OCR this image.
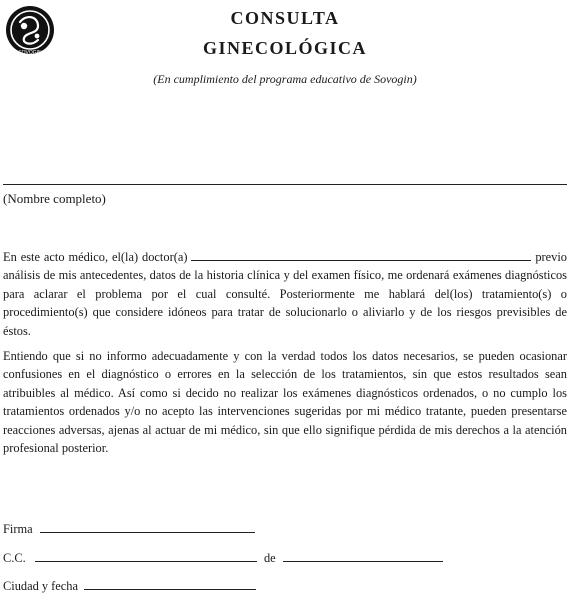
SOVOGIN
CONSULTA
GINECOLÓGICA
(En cumplimiento del programa educativo de Sovogin)
(Nombre completo)

En este acto médico, el(la) doctor(a)	previo análisis de mis antecedentes, datos de la historia clínica y del examen físico, me ordenará exámenes diagnósticos para aclarar el problema por el cual consulté. Posteriormente me hablará del(los) tratamiento(s) o procedimiento(s) que considere idóneos para tratar de solucionarlo o aliviarlo y de los riesgos previsibles de éstos.

Entiendo que si no informo adecuadamente y con la verdad todos los datos necesarios, se pueden ocasionar confusiones en el diagnóstico o errores en la selección de los tratamientos, sin que estos resultados sean atribuibles al médico. Así como si decido no realizar los exámenes diagnósticos ordenados, o no cumplo los tratamientos ordenados y/o no acepto las intervenciones sugeridas por mi médico tratante, pueden presentarse reacciones adversas, ajenas al actuar de mi médico, sin que ello signifique pérdida de mis derechos a la atención profesional posterior.

Firma
C.C.	de
Ciudad y fecha
